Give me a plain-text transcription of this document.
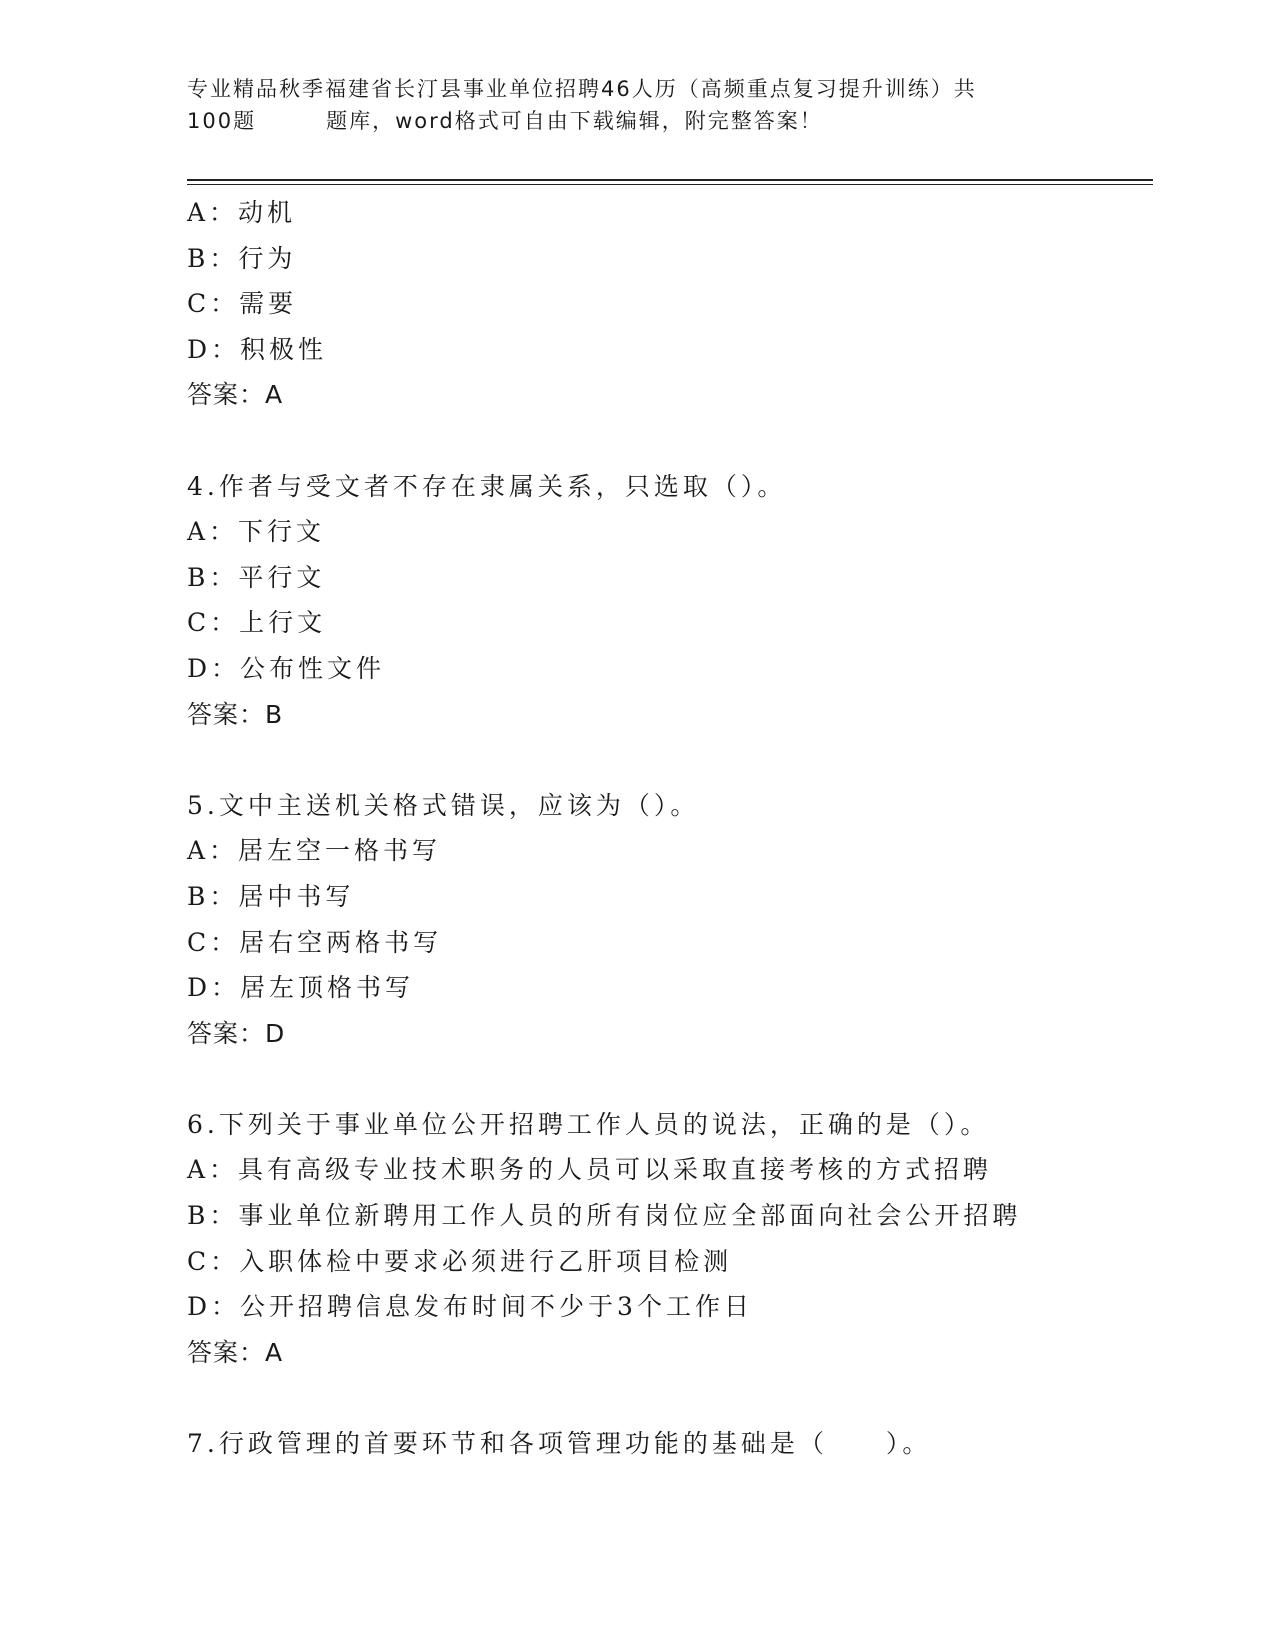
专业精品秋季福建省长汀县事业单位招聘46人历（高频重点复习提升训练）共
100题	题库，word格式可自由下载编辑，附完整答案！
A：动机
B：行为
C：需要
D：积极性
答案：A
4.作者与受文者不存在隶属关系，只选取（）。
A：下行文
B：平行文
C：上行文
D：公布性文件
答案：B
5.文中主送机关格式错误，应该为（）。
A：居左空一格书写
B：居中书写
C：居右空两格书写
D：居左顶格书写
答案：D
6.下列关于事业单位公开招聘工作人员的说法，正确的是（）。
A：具有高级专业技术职务的人员可以采取直接考核的方式招聘
B：事业单位新聘用工作人员的所有岗位应全部面向社会公开招聘
C：入职体检中要求必须进行乙肝项目检测
D：公开招聘信息发布时间不少于3个工作日
答案：A
7.行政管理的首要环节和各项管理功能的基础是（　　）。
